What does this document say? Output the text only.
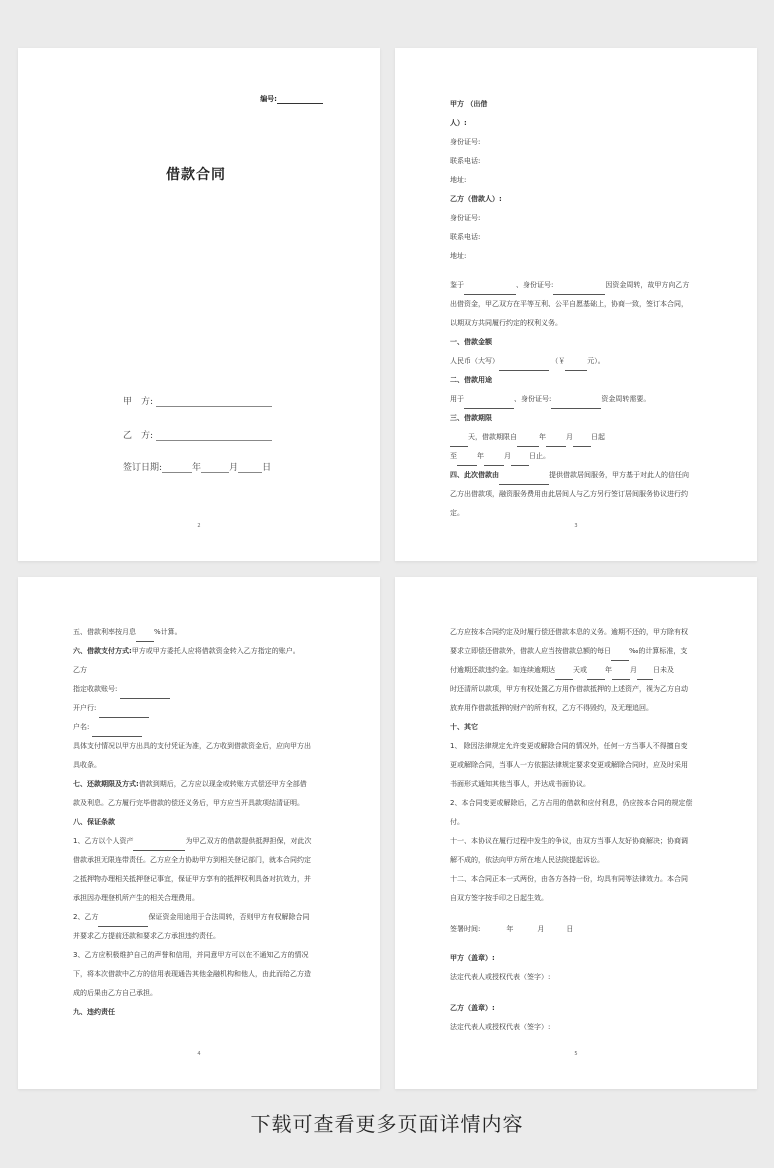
编号:
借款合同
甲　方:
乙　方:
签订日期:	年	月	日
2

甲方 （出借

人）:

身份证号:

联系电话:

地址:

乙方（借款人）:

身份证号:

联系电话:

地址:

鉴于	、身份证号:	因资金周转，故甲方向乙方

出借资金，甲乙双方在平等互利、公平自愿基础上，协商一致，签订本合同，

以期双方共同履行约定的权利义务。

一、借款金额

人民币（大写）	（￥	元）。

二、借款用途

用于	、身份证号:	资金周转需要。

三、借款期限

天，借款期限自	年	月	日起

至	年	月	日止。

四、此次借款由	提供借款居间服务，甲方基于对此人的信任向

乙方出借款项，融资服务费用由此居间人与乙方另行签订居间服务协议进行约

定。

3

五、借款利率按月息	%计算。

六、借款支付方式:甲方或甲方委托人应将借款资金转入乙方指定的账户。

乙方

指定收款账号:

开户行:

户名:

具体支付情况以甲方出具的支付凭证为准，乙方收到借款资金后，应向甲方出

具收条。

七、还款期限及方式:借款到期后，乙方应以现金或转账方式偿还甲方全部借

款及利息。乙方履行完毕借款的偿还义务后，甲方应当开具款项结清证明。

八、保证条款

1、乙方以个人资产	为甲乙双方的借款提供抵押担保，对此次

借款承担无限连带责任。乙方应全力协助甲方到相关登记部门，就本合同约定

之抵押物办理相关抵押登记事宜，保证甲方享有的抵押权利具备对抗效力，并

承担因办理登机所产生的相关合理费用。

2、乙方	保证资金用途用于合法周转，否则甲方有权解除合同

并要求乙方提前还款和要求乙方承担违约责任。

3、乙方应积极维护自己的声誉和信用，并同意甲方可以在不通知乙方的情况

下，将本次借款中乙方的信用表现通告其他金融机构和他人，由此而给乙方造

成的后果由乙方自己承担。

九、违约责任

4

乙方应按本合同约定及时履行偿还借款本息的义务。逾期不还的，甲方除有权

要求立即偿还借款外，借款人应当按借款总额的每日	‰的计算标准，支

付逾期还款违约金。如连续逾期达	天或	年	月 日未及

时还清所以款项，甲方有权处置乙方用作借款抵押的上述资产，视为乙方自动

放弃用作借款抵押的财产的所有权，乙方不得毁约，及无理追回。

十、其它

1、 除因法律规定允许变更或解除合同的情况外，任何一方当事人不得擅自变

更或解除合同，当事人一方依据法律规定要求变更或解除合同时，应及时采用

书面形式通知其他当事人，并达成书面协议。

2、本合同变更或解除后，乙方占用的借款和应付利息，仍应按本合同的规定偿

付。

十一、本协议在履行过程中发生的争议，由双方当事人友好协商解决；协商调

解不成的，依法向甲方所在地人民法院提起诉讼。

十二、本合同正本一式两份，由各方各持一份，均具有同等法律效力。本合同

自双方签字按手印之日起生效。

签署时间:	年	月	日

甲方（盖章）:

法定代表人或授权代表（签字）:

乙方（盖章）:

法定代表人或授权代表（签字）:

5
下载可查看更多页面详情内容
